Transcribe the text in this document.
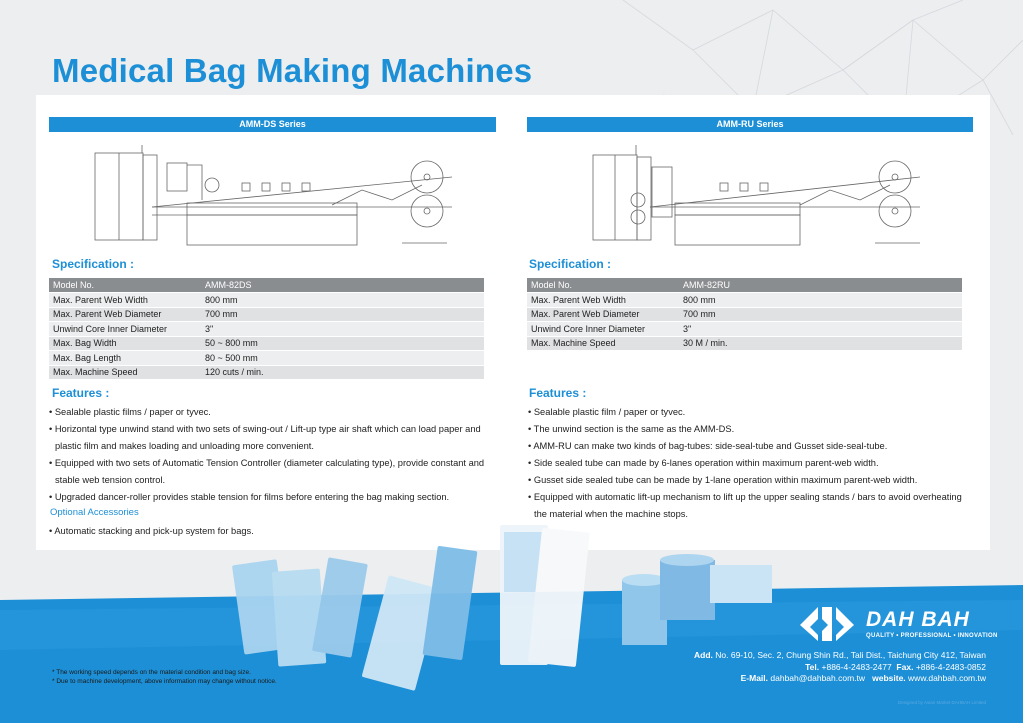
Medical Bag Making Machines
AMM-DS Series	AMM-RU Series
Specification :	Specification :
Model No.	AMM-82DS
Max. Parent Web Width	800 mm
Max. Parent Web Diameter	700 mm
Unwind Core Inner Diameter	3"
Max. Bag Width	50 ~ 800 mm
Max. Bag Length	80 ~ 500 mm
Max. Machine Speed	120 cuts / min.
Model No.	AMM-82RU
Max. Parent Web Width	800 mm
Max. Parent Web Diameter	700 mm
Unwind Core Inner Diameter	3"
Max. Machine Speed	30 M / min.
Features :	Features :
• Sealable plastic films / paper or tyvec.
• Horizontal type unwind stand with two sets of swing-out / Lift-up type air shaft which can load paper and plastic film and makes loading and unloading more convenient.
• Equipped with two sets of Automatic Tension Controller (diameter calculating type), provide constant and stable web tension control.
• Upgraded dancer-roller provides stable tension for films before entering the bag making section.
Optional Accessories
• Automatic stacking and pick-up system for bags.
• Sealable plastic film / paper or tyvec.
• The unwind section is the same as the AMM-DS.
• AMM-RU can make two kinds of bag-tubes: side-seal-tube and Gusset side-seal-tube.
• Side sealed tube can made by 6-lanes operation within maximum parent-web width.
• Gusset side sealed tube can be made by 1-lane operation within maximum parent-web width.
• Equipped with automatic lift-up mechanism to lift up the upper sealing stands / bars to avoid overheating the material when the machine stops.
* The working speed depends on the material condition and bag size.
* Due to machine development, above information may change without notice.
DAH BAH
QUALITY • PROFESSIONAL • INNOVATION
Add. No. 69-10, Sec. 2, Chung Shin Rd., Tali Dist., Taichung City 412, Taiwan
Tel. +886-4-2483-2477 Fax. +886-4-2483-0852
E-Mail. dahbah@dahbah.com.tw website. www.dahbah.com.tw
Designed by Asian Market DAHBAH Limited
